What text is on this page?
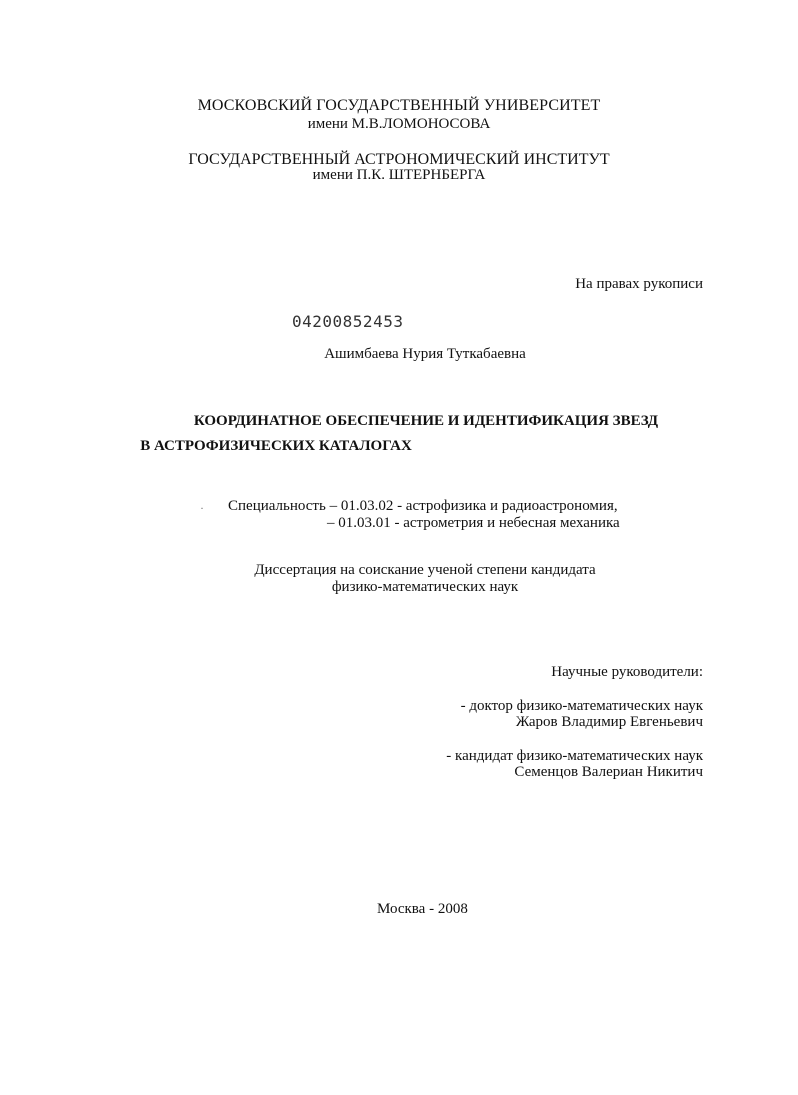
МОСКОВСКИЙ ГОСУДАРСТВЕННЫЙ УНИВЕРСИТЕТ
имени М.В.ЛОМОНОСОВА
ГОСУДАРСТВЕННЫЙ АСТРОНОМИЧЕСКИЙ ИНСТИТУТ
имени П.К. ШТЕРНБЕРГА
На правах рукописи
04200852453
Ашимбаева Нурия Туткабаевна
КООРДИНАТНОЕ ОБЕСПЕЧЕНИЕ И ИДЕНТИФИКАЦИЯ ЗВЕЗД
В АСТРОФИЗИЧЕСКИХ КАТАЛОГАХ
· Специальность – 01.03.02 - астрофизика и радиоастрономия,
– 01.03.01 - астрометрия и небесная механика
Диссертация на соискание ученой степени кандидата
физико-математических наук
Научные руководители:
- доктор физико-математических наук
Жаров Владимир Евгеньевич
- кандидат физико-математических наук
Семенцов Валериан Никитич
Москва - 2008
